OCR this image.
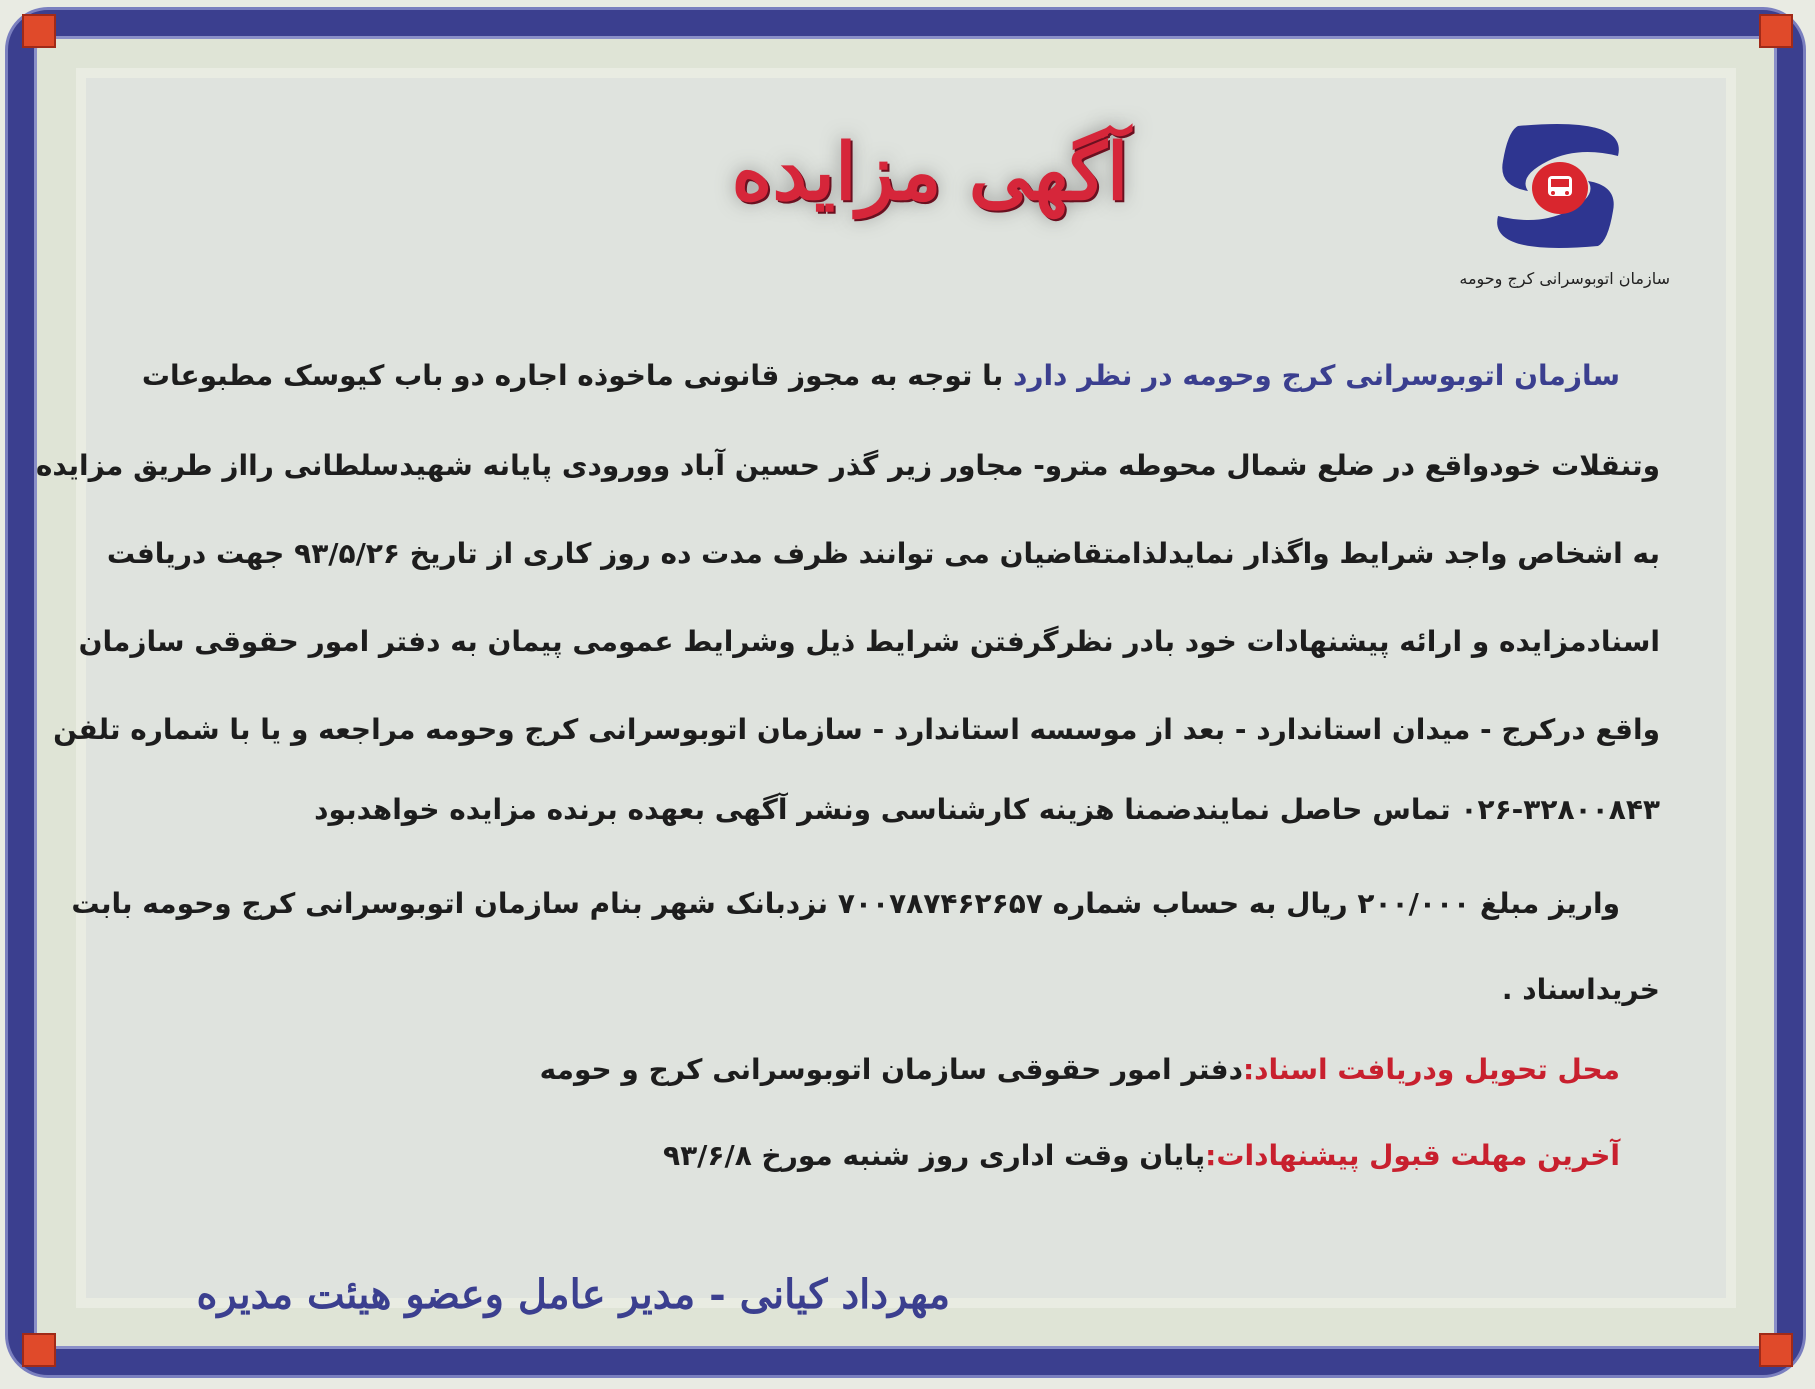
آگهی مزایده
سازمان اتوبوسرانی کرج وحومه
سازمان اتوبوسرانی کرج وحومه در نظر دارد با توجه به مجوز قانونی ماخوذه اجاره دو باب کیوسک مطبوعات
وتنقلات خودواقع در ضلع شمال محوطه مترو- مجاور زیر گذر حسین آباد وورودی پایانه شهیدسلطانی رااز طریق مزایده
به اشخاص واجد شرایط واگذار نمایدلذامتقاضیان می توانند ظرف مدت ده روز کاری از تاریخ ۹۳/۵/۲۶ جهت دریافت
اسنادمزایده و ارائه پیشنهادات خود بادر نظرگرفتن شرایط ذیل وشرایط عمومی پیمان به دفتر امور حقوقی سازمان
واقع درکرج - میدان استاندارد - بعد از موسسه استاندارد - سازمان اتوبوسرانی کرج وحومه مراجعه و یا با شماره تلفن
۰۲۶-۳۲۸۰۰۸۴۳ تماس حاصل نمایندضمنا هزینه کارشناسی ونشر آگهی بعهده برنده مزایده خواهدبود
واریز مبلغ ۲۰۰/۰۰۰ ریال به حساب شماره ۷۰۰۷۸۷۴۶۲۶۵۷ نزدبانک شهر بنام سازمان اتوبوسرانی کرج وحومه بابت
خریداسناد .
محل تحویل ودریافت اسناد:دفتر امور حقوقی سازمان اتوبوسرانی کرج و حومه
آخرین مهلت قبول پیشنهادات:پایان وقت اداری روز شنبه مورخ ۹۳/۶/۸
مهرداد کیانی - مدیر عامل وعضو هیئت مدیره
